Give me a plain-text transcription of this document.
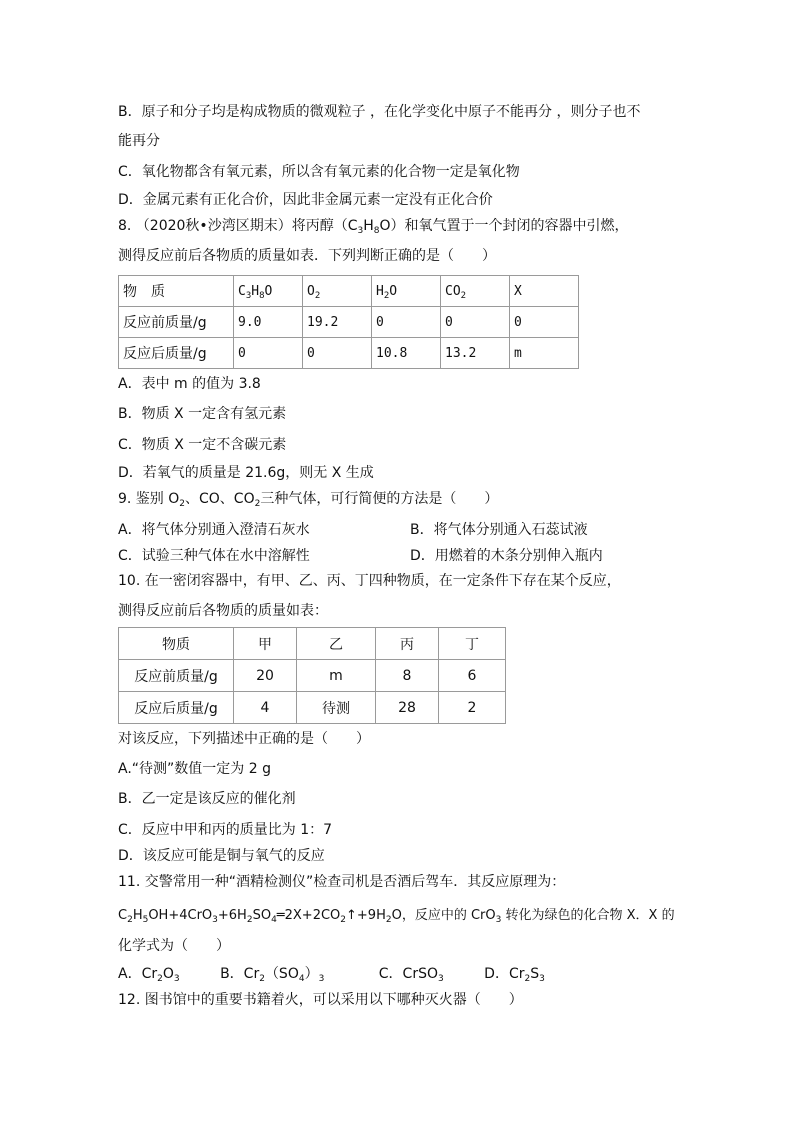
B．原子和分子均是构成物质的微观粒子 ，在化学变化中原子不能再分 ，则分子也不
能再分
C．氧化物都含有氧元素，所以含有氧元素的化合物一定是氧化物
D．金属元素有正化合价，因此非金属元素一定没有正化合价
8. （2020秋•沙湾区期末）将丙醇$(C_3H_8O)$和氧气置于一个封闭的容器中引燃，
测得反应前后各物质的质量如表．下列判断正确的是（　　）
物　质	$C_3H_8O$	$O_2$	$H_2O$	$CO_2$	X
反应前质量/g	9.0	19.2	0	0	0
反应后质量/g	0	0	10.8	13.2	m
A．表中 m 的值为 3.8
B．物质 X 一定含有氢元素
C．物质 X 一定不含碳元素
D．若氧气的质量是 21.6g，则无 X 生成
9. 鉴别 $O_2$、CO、$CO_2$三种气体，可行简便的方法是（　　）
A．将气体分别通入澄清石灰水	B．将气体分别通入石蕊试液
C．试验三种气体在水中溶解性	D．用燃着的木条分别伸入瓶内
10. 在一密闭容器中，有甲、乙、丙、丁四种物质，在一定条件下存在某个反应，
测得反应前后各物质的质量如表：
物质	甲	乙	丙	丁
反应前质量/g	20	m	8	6
反应后质量/g	4	待测	28	2
对该反应，下列描述中正确的是（　　）
A.“待测”数值一定为 2 g
B．乙一定是该反应的催化剂
C．反应中甲和丙的质量比为 1：7
D．该反应可能是铜与氧气的反应
11. 交警常用一种“酒精检测仪”检查司机是否酒后驾车．其反应原理为：
$C_2H_5OH+4CrO_3+6H_2SO_4═2X+2CO_2↑+9H_2O$，反应中的 CrO$_3$ 转化为绿色的化合物 X．X 的
化学式为（　　）
A．$Cr_2O_3$	B．$Cr_2(SO_4)_3$	C．CrSO$_3$	D．$Cr_2S_3$
12. 图书馆中的重要书籍着火，可以采用以下哪种灭火器（　　）
